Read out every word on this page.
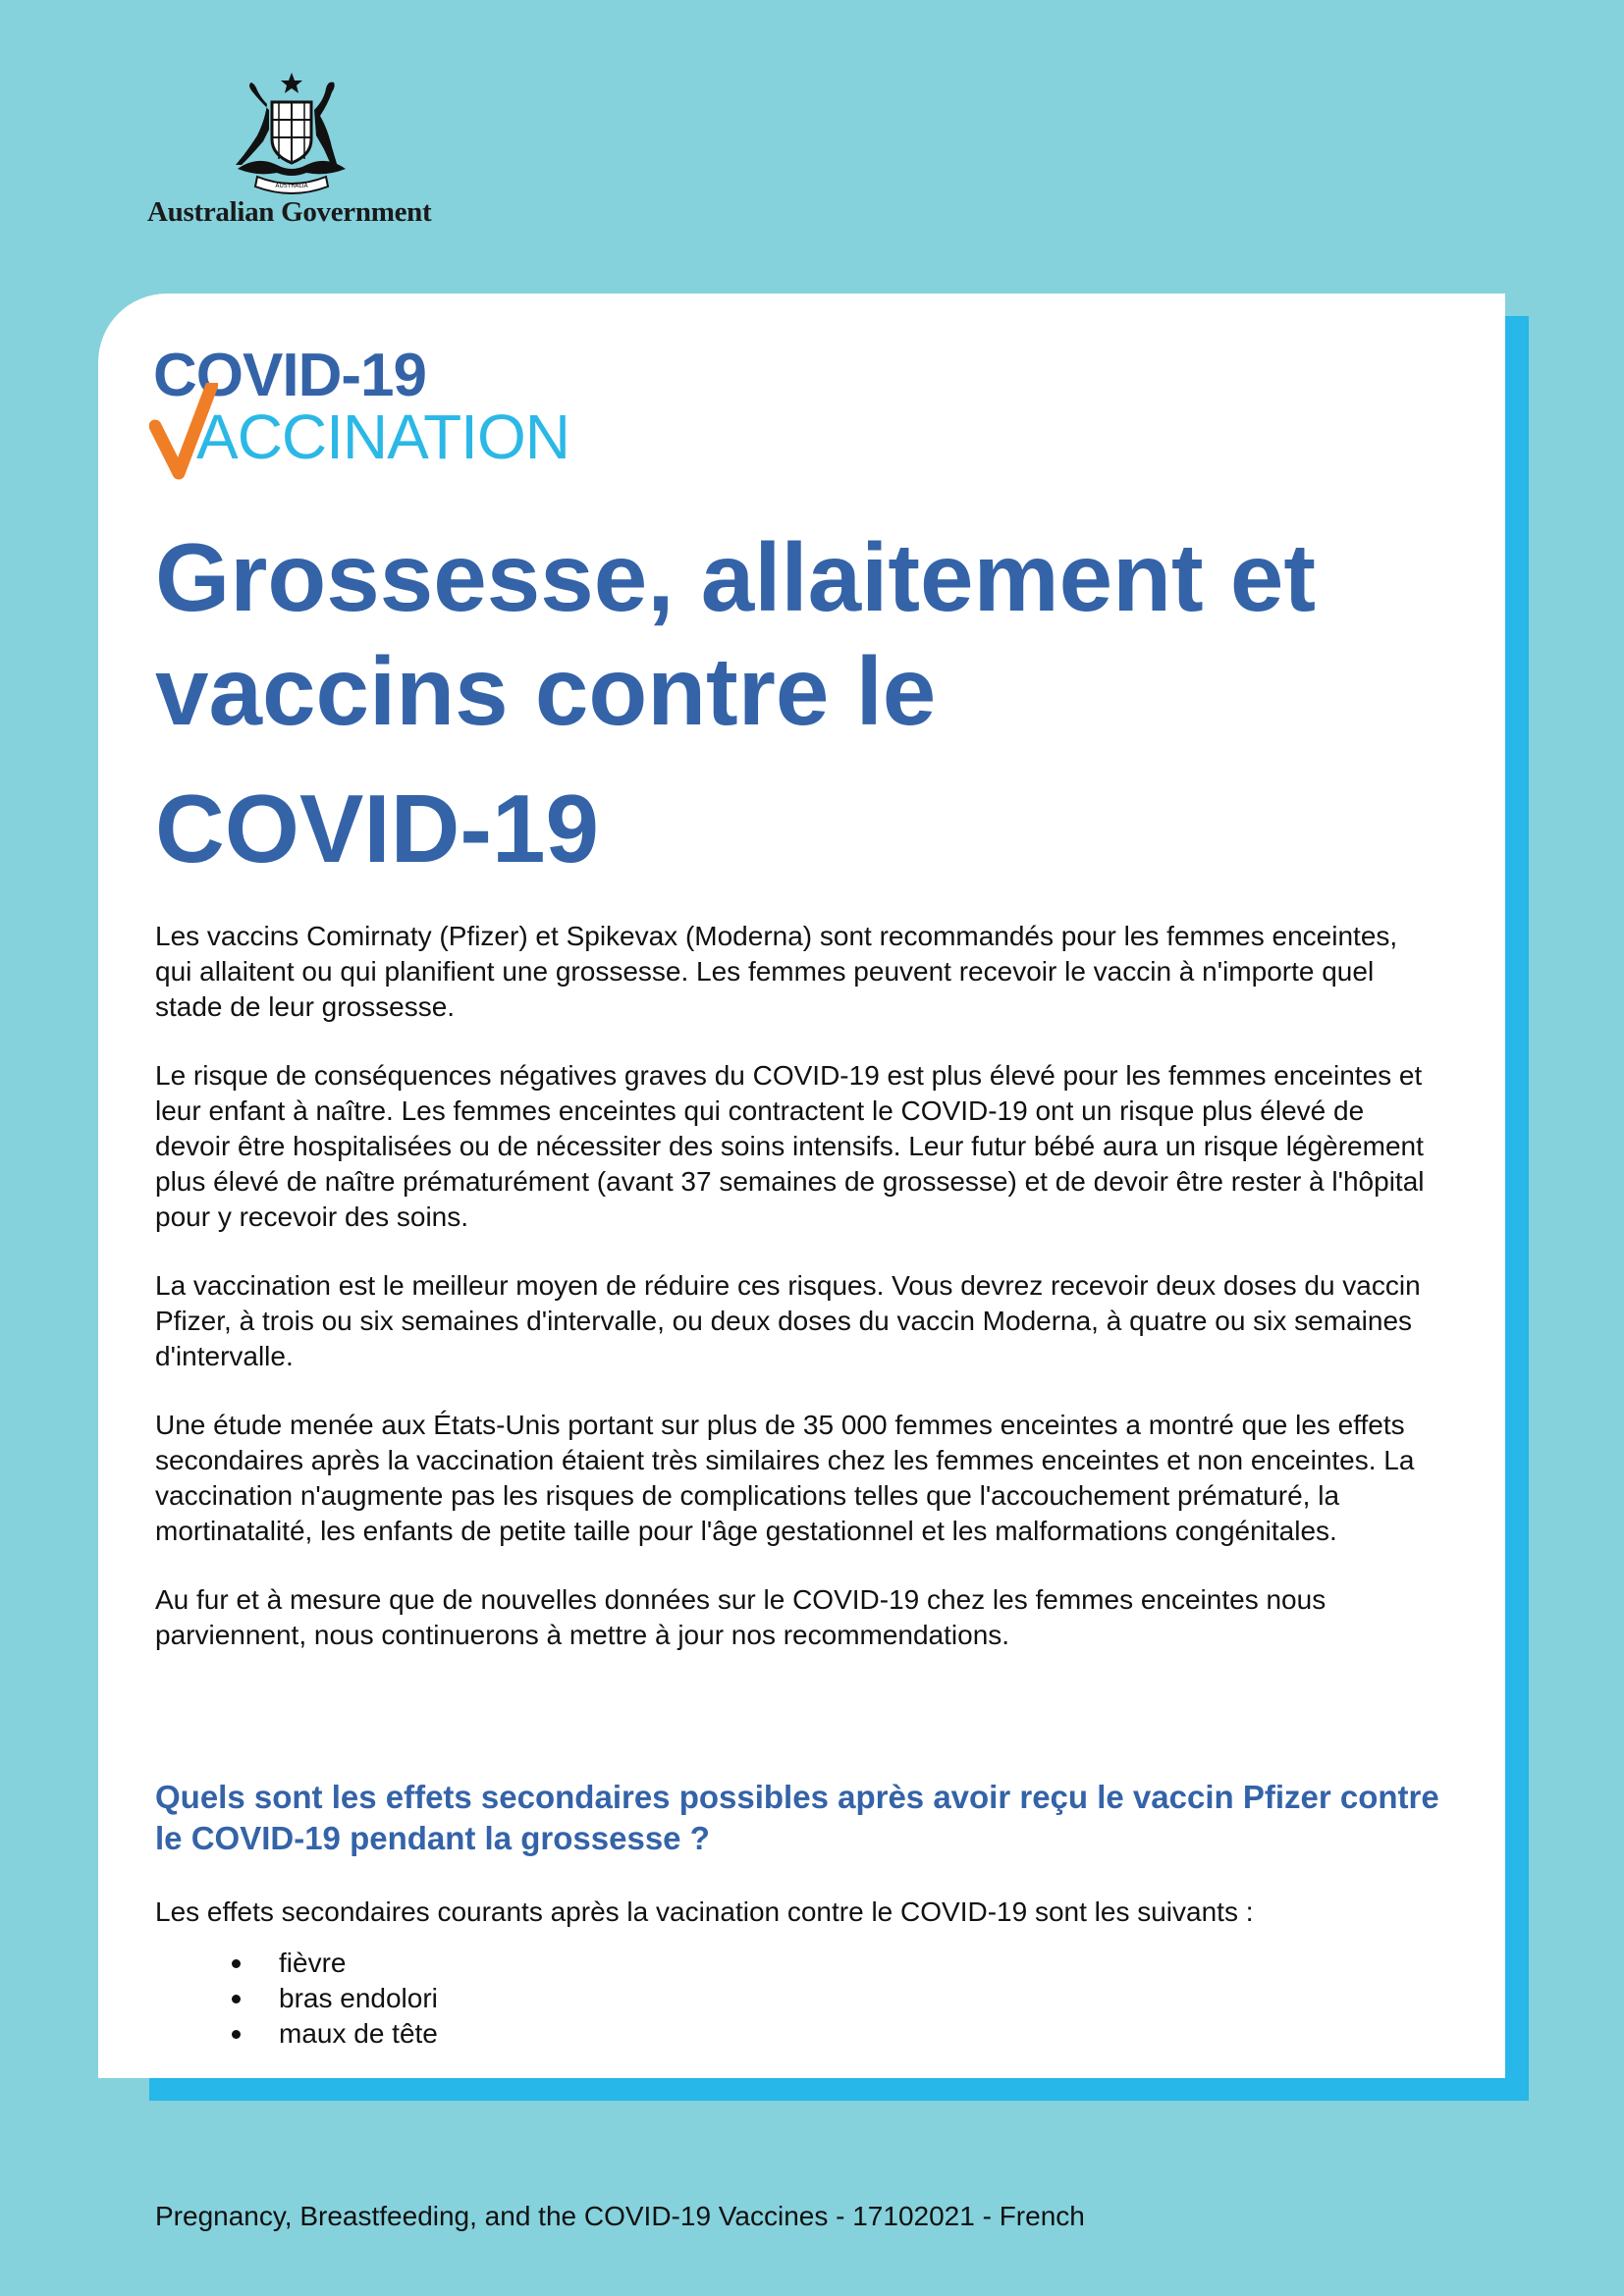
AUSTRALIA
Australian Government
COVID-19
ACCINATION
Grossesse, allaitement et
vaccins contre le
COVID-19

Les vaccins Comirnaty (Pfizer) et Spikevax (Moderna) sont recommandés pour les femmes enceintes, qui allaitent ou qui planifient une grossesse. Les femmes peuvent recevoir le vaccin à n'importe quel stade de leur grossesse.

Le risque de conséquences négatives graves du COVID-19 est plus élevé pour les femmes enceintes et leur enfant à naître. Les femmes enceintes qui contractent le COVID-19 ont un risque plus élevé de devoir être hospitalisées ou de nécessiter des soins intensifs. Leur futur bébé aura un risque légèrement plus élevé de naître prématurément (avant 37 semaines de grossesse) et de devoir être rester à l'hôpital pour y recevoir des soins.

La vaccination est le meilleur moyen de réduire ces risques. Vous devrez recevoir deux doses du vaccin Pfizer, à trois ou six semaines d'intervalle, ou deux doses du vaccin Moderna, à quatre ou six semaines d'intervalle.

Une étude menée aux États-Unis portant sur plus de 35 000 femmes enceintes a montré que les effets secondaires après la vaccination étaient très similaires chez les femmes enceintes et non enceintes. La vaccination n'augmente pas les risques de complications telles que l'accouchement prématuré, la mortinatalité, les enfants de petite taille pour l'âge gestationnel et les malformations congénitales.

Au fur et à mesure que de nouvelles données sur le COVID-19 chez les femmes enceintes nous parviennent, nous continuerons à mettre à jour nos recommendations.

Quels sont les effets secondaires possibles après avoir reçu le vaccin Pfizer contre le COVID-19 pendant la grossesse ?

Les effets secondaires courants après la vacination contre le COVID-19 sont les suivants :

fièvre
bras endolori
maux de tête
Pregnancy, Breastfeeding, and the COVID-19 Vaccines - 17102021 - French
